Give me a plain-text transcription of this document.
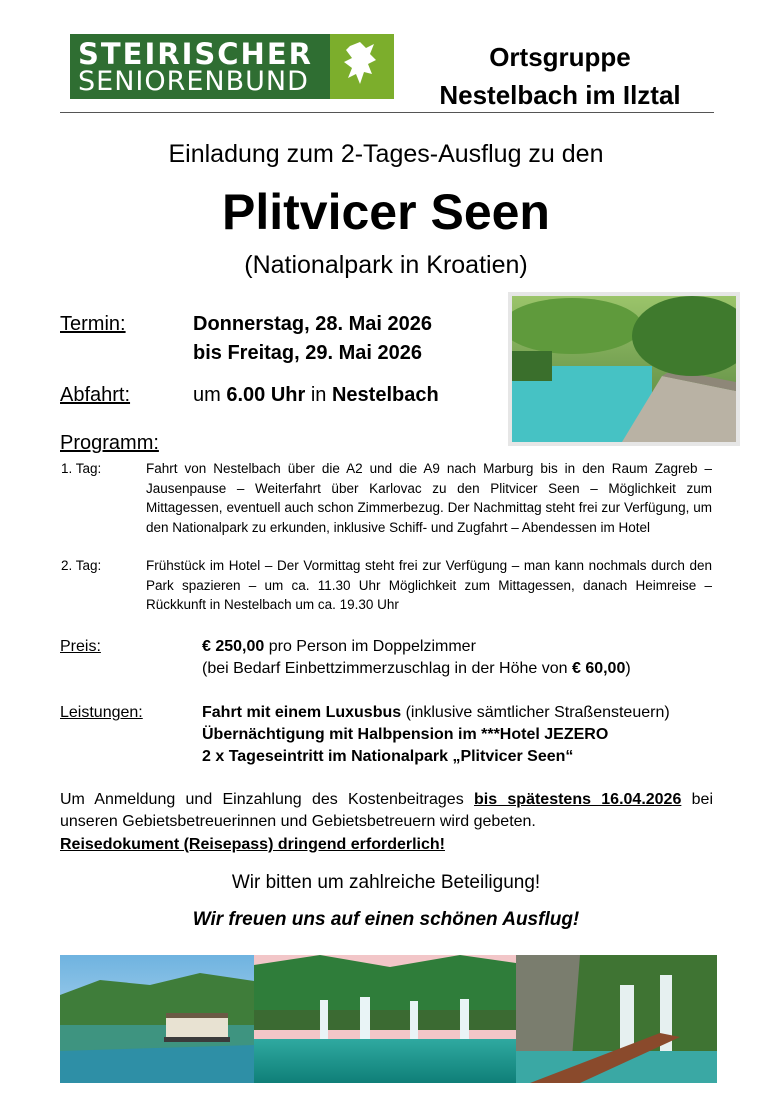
STEIRISCHER
SENIORENBUND
Ortsgruppe
Nestelbach im Ilztal
Einladung zum 2-Tages-Ausflug zu den
Plitvicer Seen
(Nationalpark in Kroatien)
Termin:	Donnerstag, 28. Mai 2026
bis Freitag, 29. Mai 2026
Abfahrt:	um 6.00 Uhr in Nestelbach
Programm:
1. Tag:	Fahrt von Nestelbach über die A2 und die A9 nach Marburg bis in den Raum Zagreb – Jausenpause – Weiterfahrt über Karlovac zu den Plitvicer Seen – Möglichkeit zum Mittagessen, eventuell auch schon Zimmerbezug. Der Nachmittag steht frei zur Verfügung, um den Nationalpark zu erkunden, inklusive Schiff- und Zugfahrt – Abendessen im Hotel
2. Tag:	Frühstück im Hotel – Der Vormittag steht frei zur Verfügung – man kann nochmals durch den Park spazieren – um ca. 11.30 Uhr Möglichkeit zum Mittagessen, danach Heimreise – Rückkunft in Nestelbach um ca. 19.30 Uhr
Preis:	€ 250,00 pro Person im Doppelzimmer
(bei Bedarf Einbettzimmerzuschlag in der Höhe von € 60,00)
Leistungen:	Fahrt mit einem Luxusbus (inklusive sämtlicher Straßensteuern)
Übernächtigung mit Halbpension im ***Hotel JEZERO
2 x Tageseintritt im Nationalpark „Plitvicer Seen“
Um Anmeldung und Einzahlung des Kostenbeitrages bis spätestens 16.04.2026 bei unseren Gebietsbetreuerinnen und Gebietsbetreuern wird gebeten.
Reisedokument (Reisepass) dringend erforderlich!
Wir bitten um zahlreiche Beteiligung!
Wir freuen uns auf einen schönen Ausflug!
